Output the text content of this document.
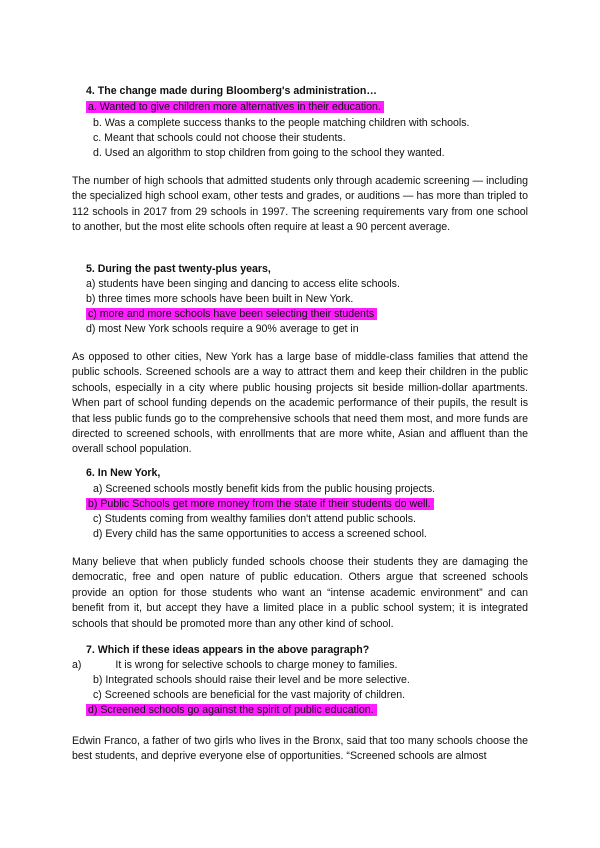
4. The change made during Bloomberg's administration…
a. Wanted to give children more alternatives in their education.
b. Was a complete success thanks to the people matching children with schools.
c. Meant that schools could not choose their students.
d. Used an algorithm to stop children from going to the school they wanted.
The number of high schools that admitted students only through academic screening — including the specialized high school exam, other tests and grades, or auditions — has more than tripled to 112 schools in 2017 from 29 schools in 1997. The screening requirements vary from one school to another, but the most elite schools often require at least a 90 percent average.
5. During the past twenty-plus years,
a) students have been singing and dancing to access elite schools.
b) three times more schools have been built in New York.
c) more and more schools have been selecting their students
d) most New York schools require a 90% average to get in
As opposed to other cities, New York has a large base of middle-class families that attend the public schools. Screened schools are a way to attract them and keep their children in the public schools, especially in a city where public housing projects sit beside million-dollar apartments. When part of school funding depends on the academic performance of their pupils, the result is that less public funds go to the comprehensive schools that need them most, and more funds are directed to screened schools, with enrollments that are more white, Asian and affluent than the overall school population.
6. In New York,
a) Screened schools mostly benefit kids from the public housing projects.
b) Public Schools get more money from the state if their students do well.
c) Students coming from wealthy families don't attend public schools.
d) Every child has the same opportunities to access a screened school.
Many believe that when publicly funded schools choose their students they are damaging the democratic, free and open nature of public education. Others argue that screened schools provide an option for those students who want an “intense academic environment” and can benefit from it, but accept they have a limited place in a public school system; it is integrated schools that should be promoted more than any other kind of school.
7. Which if these ideas appears in the above paragraph?
a)	It is wrong for selective schools to charge money to families.
b) Integrated schools should raise their level and be more selective.
c) Screened schools are beneficial for the vast majority of children.
d) Screened schools go against the spirit of public education.
Edwin Franco, a father of two girls who lives in the Bronx, said that too many schools choose the best students, and deprive everyone else of opportunities. “Screened schools are almost
